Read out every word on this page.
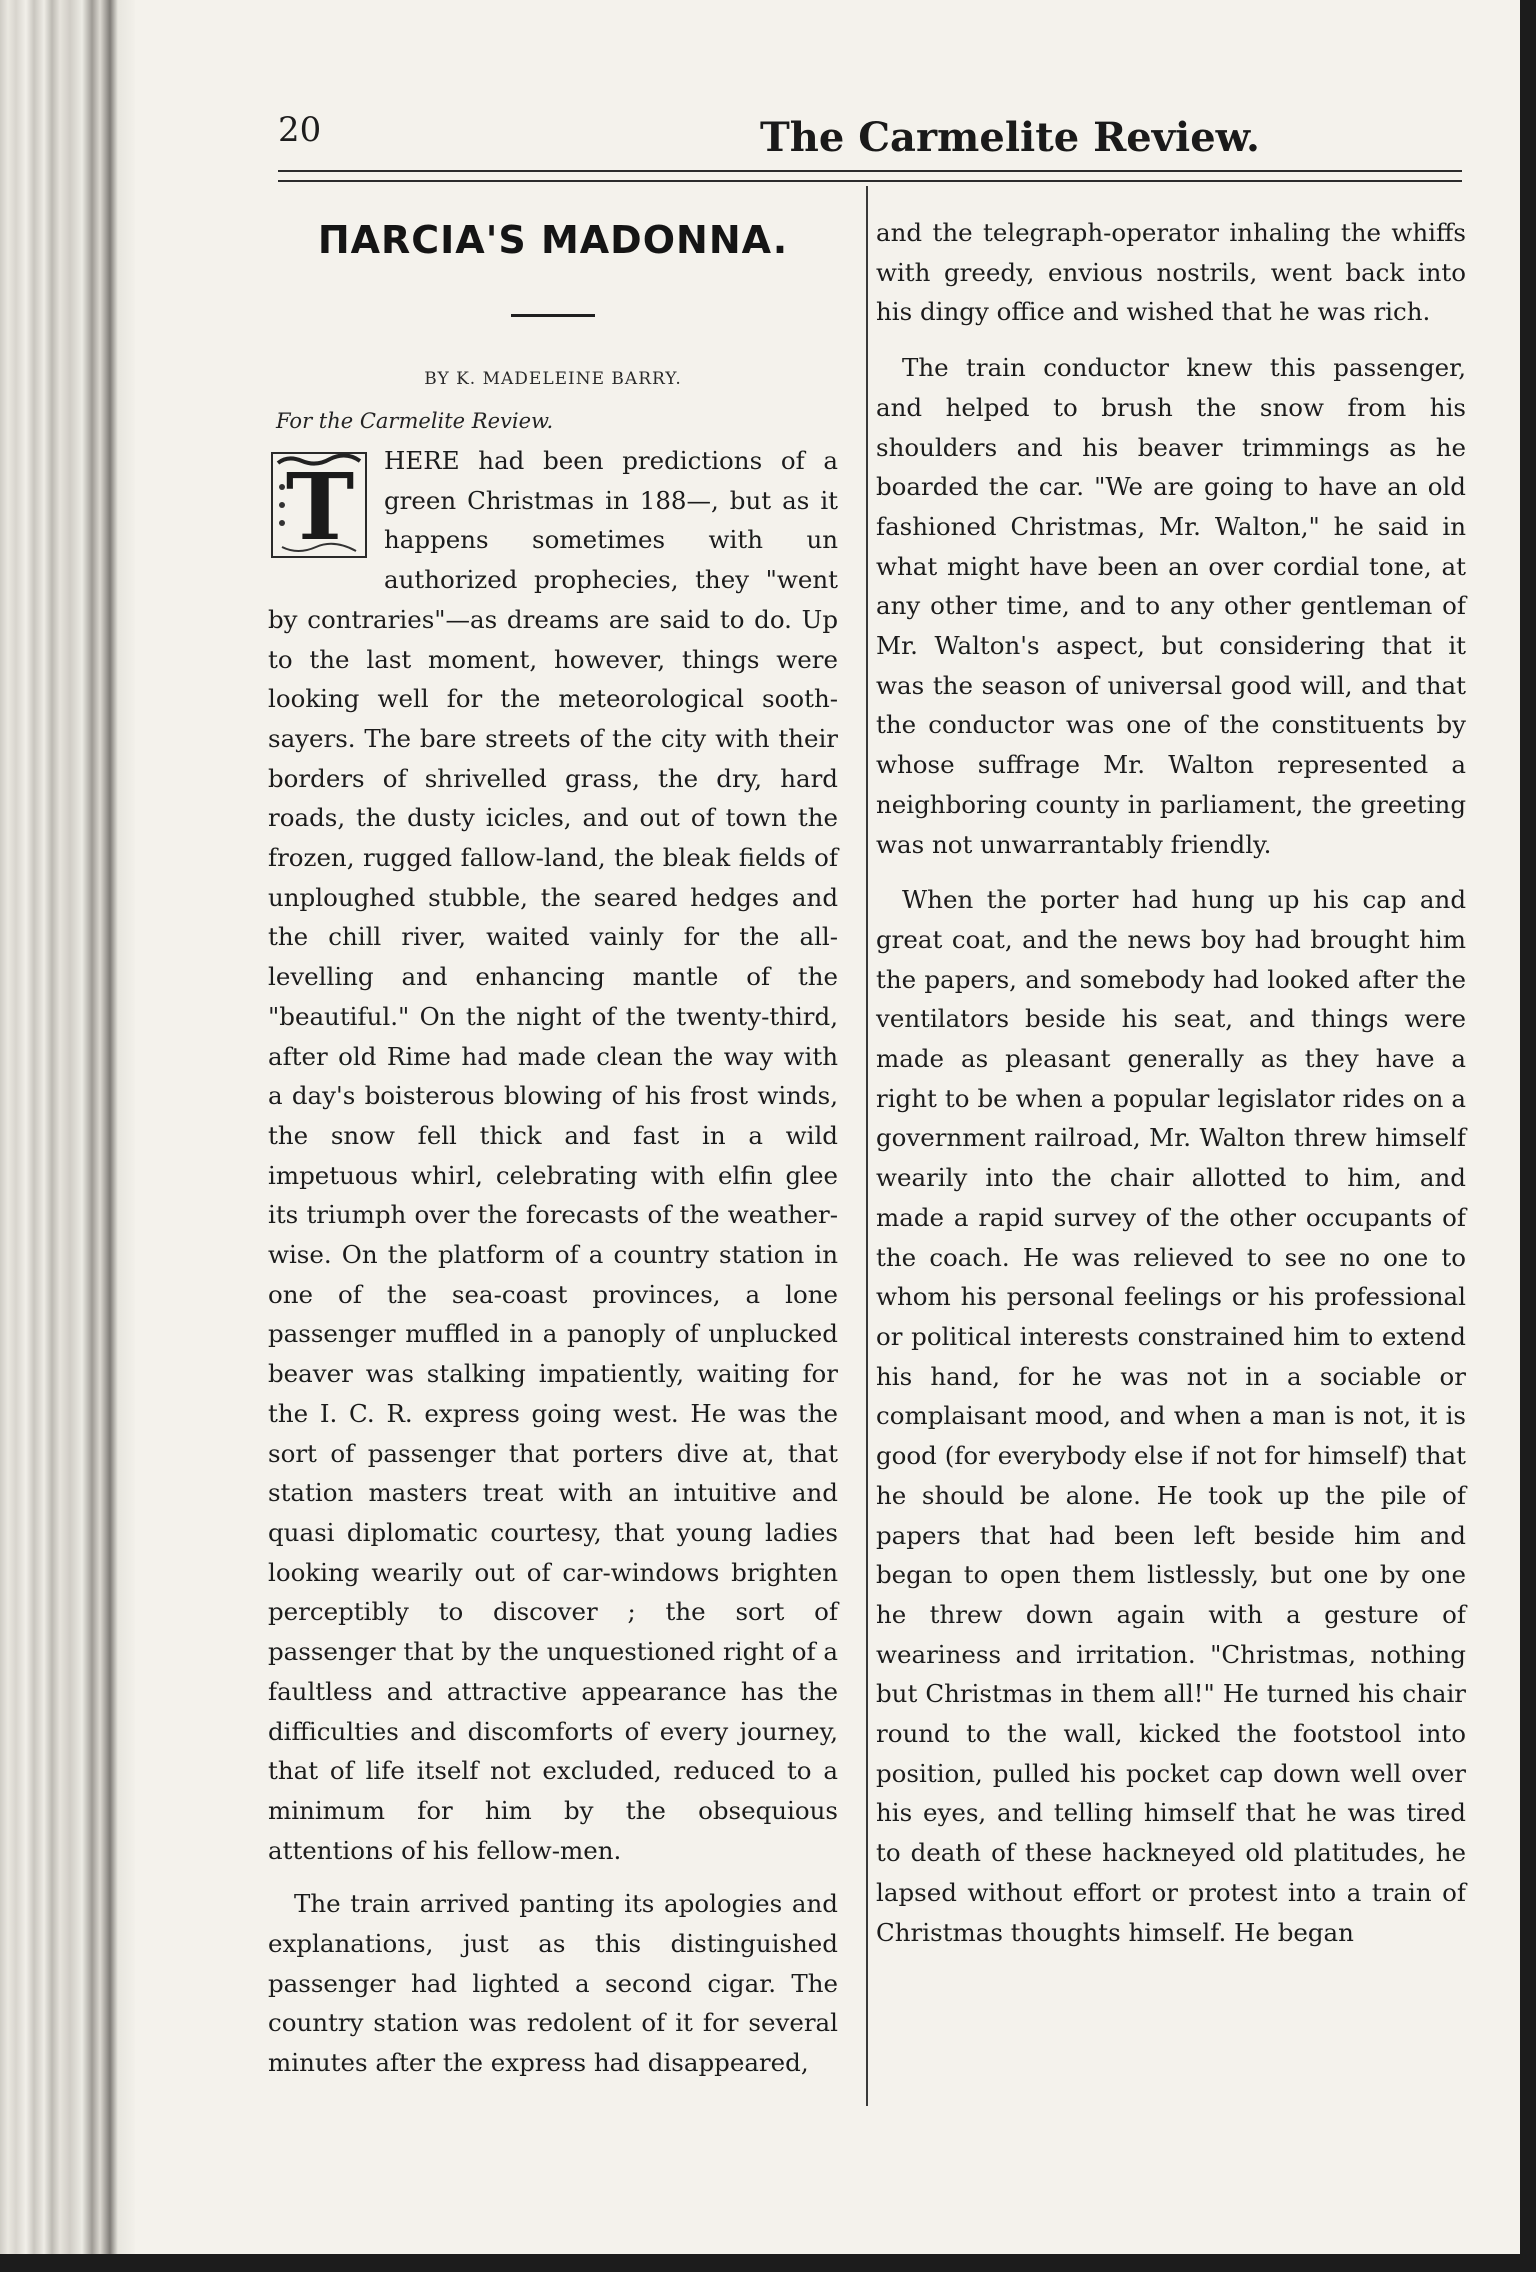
20	The Carmelite Review.
ΠARCIA'S MADONNA.
BY K. MADELEINE BARRY.
For the Carmelite Review.

T HERE had been predictions of a green Christmas in 188—, but as it happens sometimes with un authorized prophecies, they "went by contraries"—as dreams are said to do. Up to the last moment, however, things were looking well for the meteorological sooth-sayers. The bare streets of the city with their borders of shrivelled grass, the dry, hard roads, the dusty icicles, and out of town the frozen, rugged fallow-land, the bleak fields of unploughed stubble, the seared hedges and the chill river, waited vainly for the all-levelling and enhancing mantle of the "beautiful." On the night of the twenty-third, after old Rime had made clean the way with a day's boisterous blowing of his frost winds, the snow fell thick and fast in a wild impetuous whirl, celebrating with elfin glee its triumph over the forecasts of the weather-wise. On the platform of a country station in one of the sea-coast provinces, a lone passenger muffled in a panoply of unplucked beaver was stalking impatiently, waiting for the I. C. R. express going west. He was the sort of passenger that porters dive at, that station masters treat with an intuitive and quasi diplomatic courtesy, that young ladies looking wearily out of car-windows brighten perceptibly to discover ; the sort of passenger that by the unquestioned right of a faultless and attractive appearance has the difficulties and discomforts of every journey, that of life itself not excluded, reduced to a minimum for him by the obsequious attentions of his fellow-men.

The train arrived panting its apologies and explanations, just as this distinguished passenger had lighted a second cigar. The country station was redolent of it for several minutes after the express had disappeared,

and the telegraph-operator inhaling the whiffs with greedy, envious nostrils, went back into his dingy office and wished that he was rich.

The train conductor knew this passenger, and helped to brush the snow from his shoulders and his beaver trimmings as he boarded the car. "We are going to have an old fashioned Christmas, Mr. Walton," he said in what might have been an over cordial tone, at any other time, and to any other gentleman of Mr. Walton's aspect, but considering that it was the season of universal good will, and that the conductor was one of the constituents by whose suffrage Mr. Walton represented a neighboring county in parliament, the greeting was not unwarrantably friendly.

When the porter had hung up his cap and great coat, and the news boy had brought him the papers, and somebody had looked after the ventilators beside his seat, and things were made as pleasant generally as they have a right to be when a popular legislator rides on a government railroad, Mr. Walton threw himself wearily into the chair allotted to him, and made a rapid survey of the other occupants of the coach. He was relieved to see no one to whom his personal feelings or his professional or political interests constrained him to extend his hand, for he was not in a sociable or complaisant mood, and when a man is not, it is good (for everybody else if not for himself) that he should be alone. He took up the pile of papers that had been left beside him and began to open them listlessly, but one by one he threw down again with a gesture of weariness and irritation. "Christmas, nothing but Christmas in them all!" He turned his chair round to the wall, kicked the footstool into position, pulled his pocket cap down well over his eyes, and telling himself that he was tired to death of these hackneyed old platitudes, he lapsed without effort or protest into a train of Christmas thoughts himself. He began
